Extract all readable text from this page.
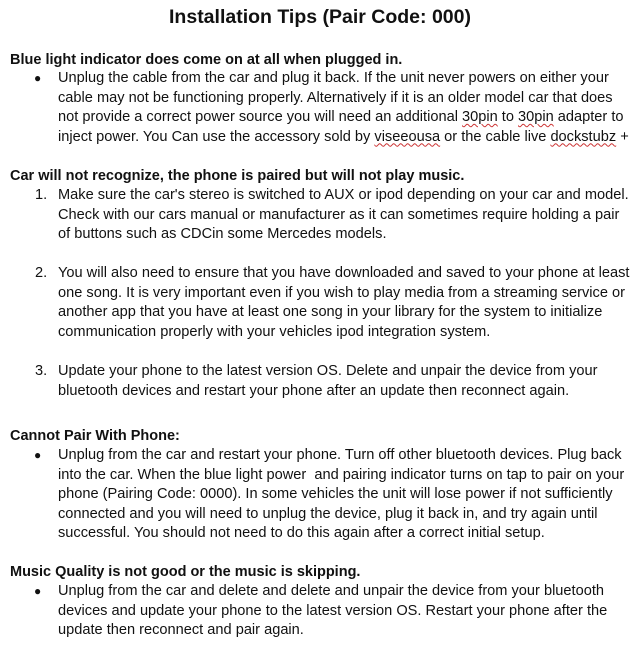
Installation Tips (Pair Code: 000)
Blue light indicator does come on at all when plugged in.
● Unplug the cable from the car and plug it back. If the unit never powers on either your
cable may not be functioning properly. Alternatively if it is an older model car that does
not provide a correct power source you will need an additional 30pin to 30pin adapter to
inject power. You Can use the accessory sold by viseeousa or the cable live dockstubz +
Car will not recognize, the phone is paired but will not play music.
1. Make sure the car's stereo is switched to AUX or ipod depending on your car and model.
Check with our cars manual or manufacturer as it can sometimes require holding a pair
of buttons such as CDCin some Mercedes models.
2. You will also need to ensure that you have downloaded and saved to your phone at least
one song. It is very important even if you wish to play media from a streaming service or
another app that you have at least one song in your library for the system to initialize
communication properly with your vehicles ipod integration system.
3. Update your phone to the latest version OS. Delete and unpair the device from your
bluetooth devices and restart your phone after an update then reconnect again.
Cannot Pair With Phone:
● Unplug from the car and restart your phone. Turn off other bluetooth devices. Plug back
into the car. When the blue light power  and pairing indicator turns on tap to pair on your
phone (Pairing Code: 0000). In some vehicles the unit will lose power if not sufficiently
connected and you will need to unplug the device, plug it back in, and try again until
successful. You should not need to do this again after a correct initial setup.
Music Quality is not good or the music is skipping.
● Unplug from the car and delete and delete and unpair the device from your bluetooth
devices and update your phone to the latest version OS. Restart your phone after the
update then reconnect and pair again.
